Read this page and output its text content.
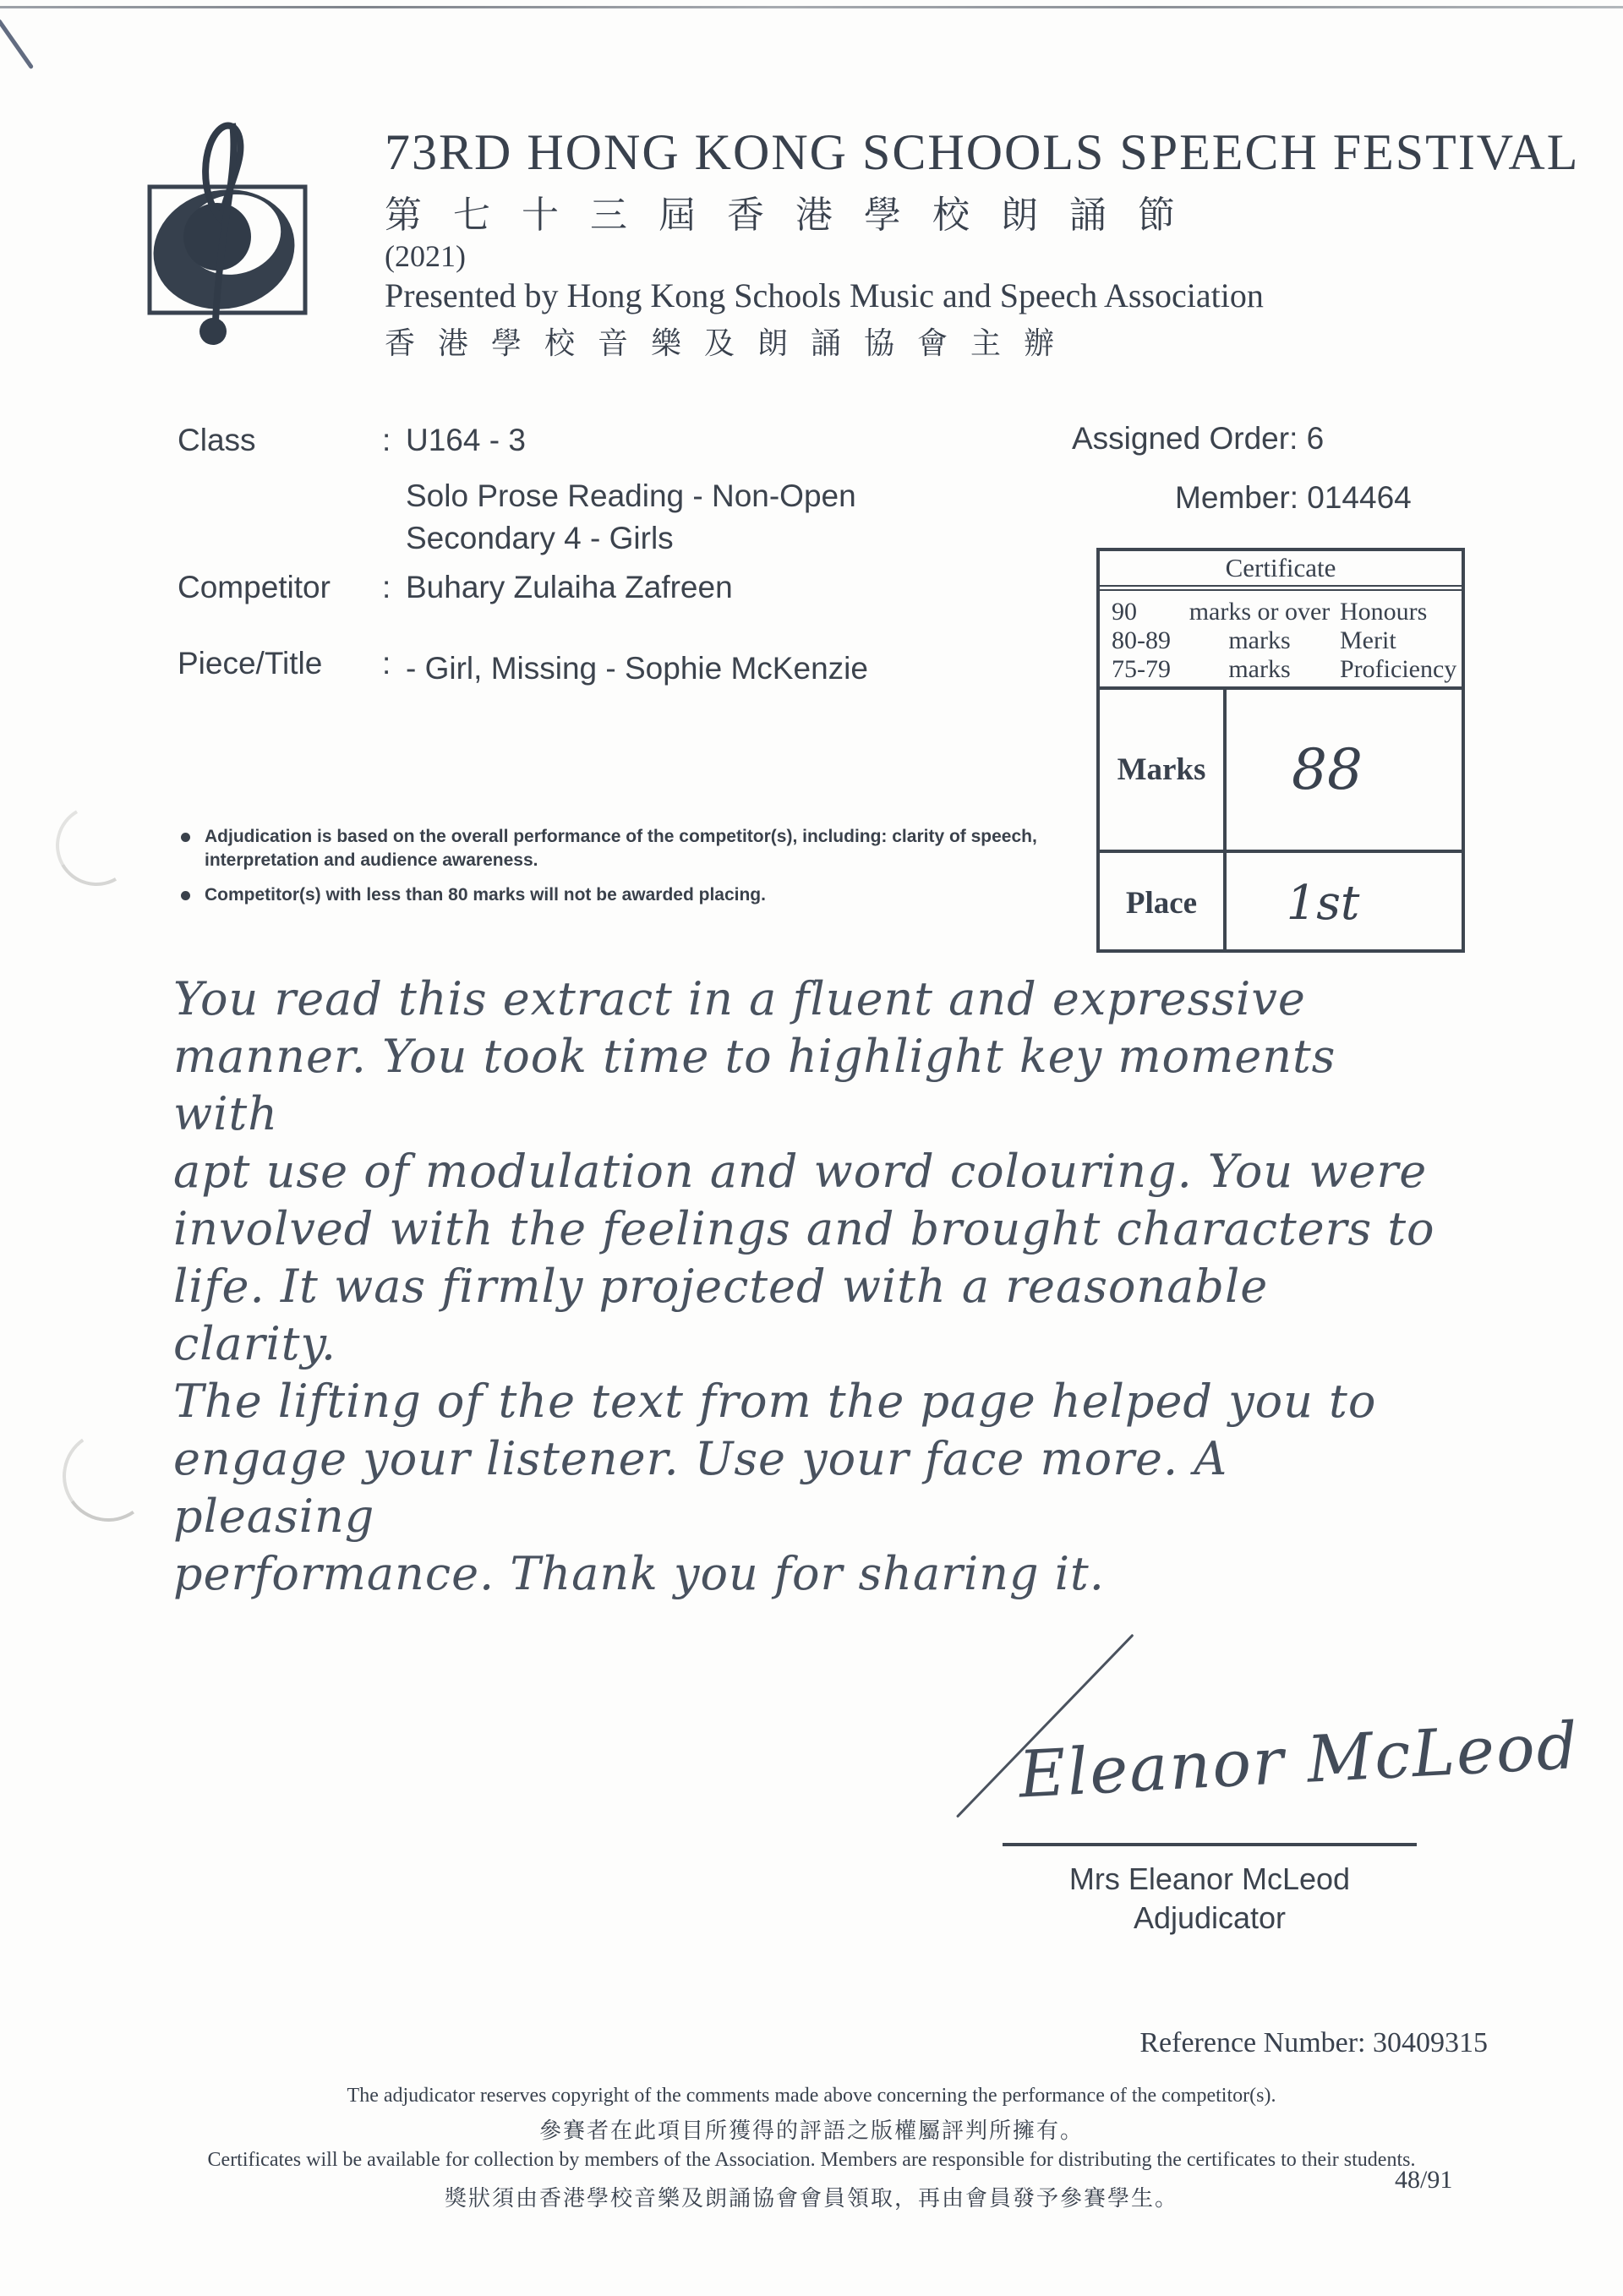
73RD HONG KONG SCHOOLS SPEECH FESTIVAL
第 七 十 三 屆 香 港 學 校 朗 誦 節
(2021)
Presented by Hong Kong Schools Music and Speech Association
香 港 學 校 音 樂 及 朗 誦 協 會 主 辦
Class	: U164 - 3
Solo Prose Reading - Non-Open
Secondary 4 - Girls
Competitor : Buhary Zulaiha Zafreen
Piece/Title : - Girl, Missing - Sophie McKenzie
Assigned Order: 6
Member: 014464
Certificate
90	marks or over Honours
80-89	marks	Merit
75-79	marks	Proficiency
Marks	88
Place	1st
Adjudication is based on the overall performance of the competitor(s), including: clarity of speech, interpretation and audience awareness.
Competitor(s) with less than 80 marks will not be awarded placing.
You read this extract in a fluent and expressive
manner. You took time to highlight key moments with
apt use of modulation and word colouring. You were
involved with the feelings and brought characters to
life. It was firmly projected with a reasonable clarity.
The lifting of the text from the page helped you to
engage your listener. Use your face more. A pleasing
performance. Thank you for sharing it.
Eleanor McLeod
Mrs Eleanor McLeod
Adjudicator
Reference Number: 30409315
The adjudicator reserves copyright of the comments made above concerning the performance of the competitor(s).
參賽者在此項目所獲得的評語之版權屬評判所擁有。
Certificates will be available for collection by members of the Association. Members are responsible for distributing the certificates to their students.
獎狀須由香港學校音樂及朗誦協會會員領取，再由會員發予參賽學生。
48/91
